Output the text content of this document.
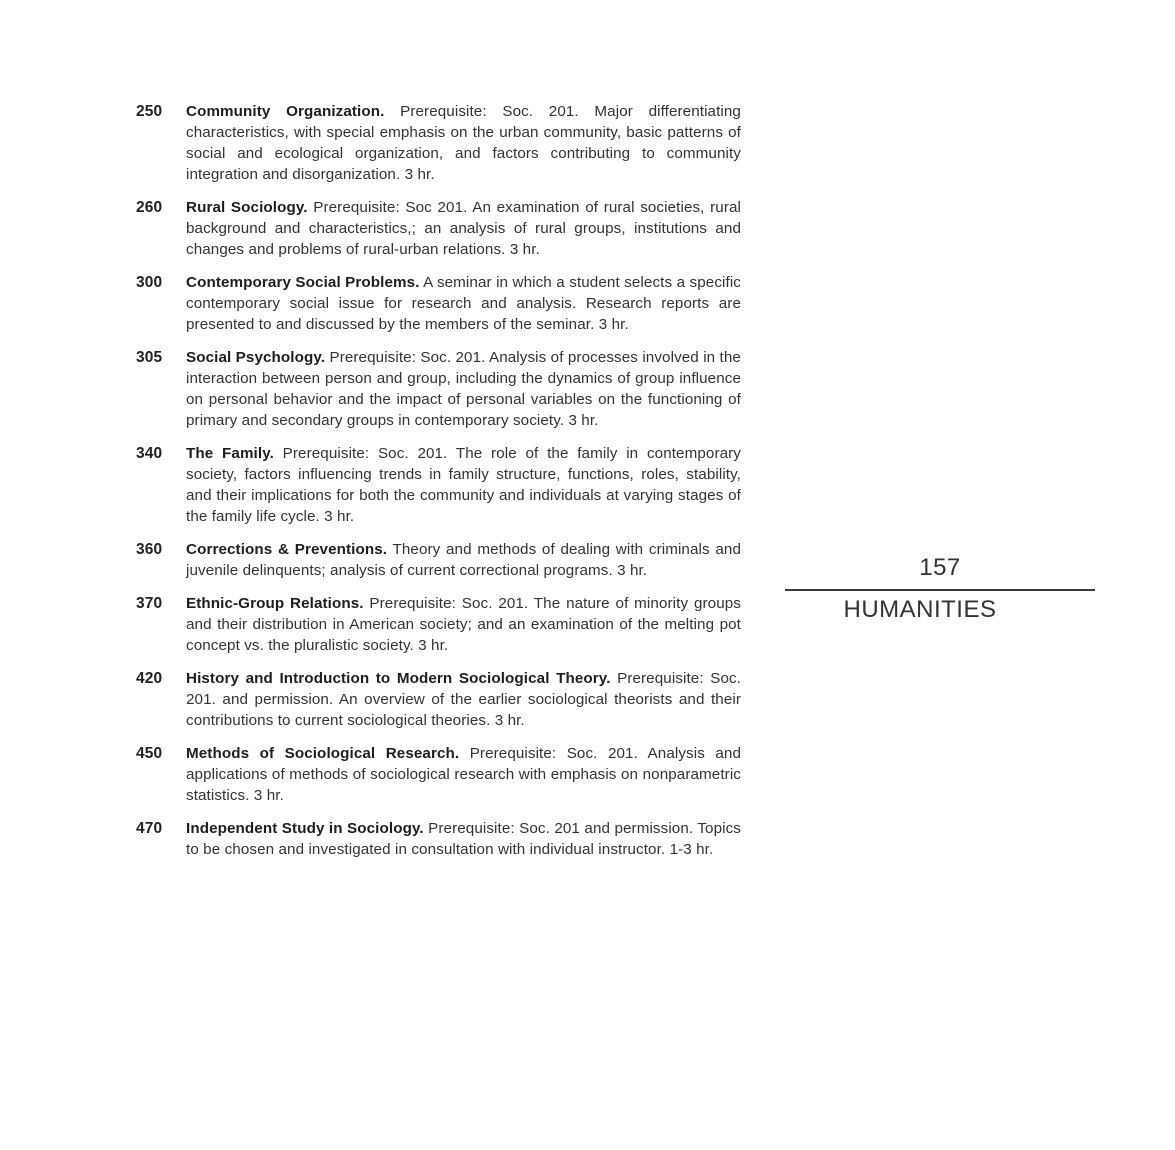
250 Community Organization. Prerequisite: Soc. 201. Major differentiating characteristics, with special emphasis on the urban community, basic patterns of social and ecological organization, and factors contributing to community integration and disorganization. 3 hr.
260 Rural Sociology. Prerequisite: Soc 201. An examination of rural societies, rural background and characteristics,; an analysis of rural groups, institutions and changes and problems of rural-urban relations. 3 hr.
300 Contemporary Social Problems. A seminar in which a student selects a specific contemporary social issue for research and analysis. Research reports are presented to and discussed by the members of the seminar. 3 hr.
305 Social Psychology. Prerequisite: Soc. 201. Analysis of processes involved in the interaction between person and group, including the dynamics of group influence on personal behavior and the impact of personal variables on the functioning of primary and secondary groups in contemporary society. 3 hr.
340 The Family. Prerequisite: Soc. 201. The role of the family in contemporary society, factors influencing trends in family structure, functions, roles, stability, and their implications for both the community and individuals at varying stages of the family life cycle. 3 hr.
360 Corrections & Preventions. Theory and methods of dealing with criminals and juvenile delinquents; analysis of current correctional programs. 3 hr.
370 Ethnic-Group Relations. Prerequisite: Soc. 201. The nature of minority groups and their distribution in American society; and an examination of the melting pot concept vs. the pluralistic society. 3 hr.
420 History and Introduction to Modern Sociological Theory. Prerequisite: Soc. 201. and permission. An overview of the earlier sociological theorists and their contributions to current sociological theories. 3 hr.
450 Methods of Sociological Research. Prerequisite: Soc. 201. Analysis and applications of methods of sociological research with emphasis on nonparametric statistics. 3 hr.
470 Independent Study in Sociology. Prerequisite: Soc. 201 and permission. Topics to be chosen and investigated in consultation with individual instructor. 1-3 hr.
157
HUMANITIES
